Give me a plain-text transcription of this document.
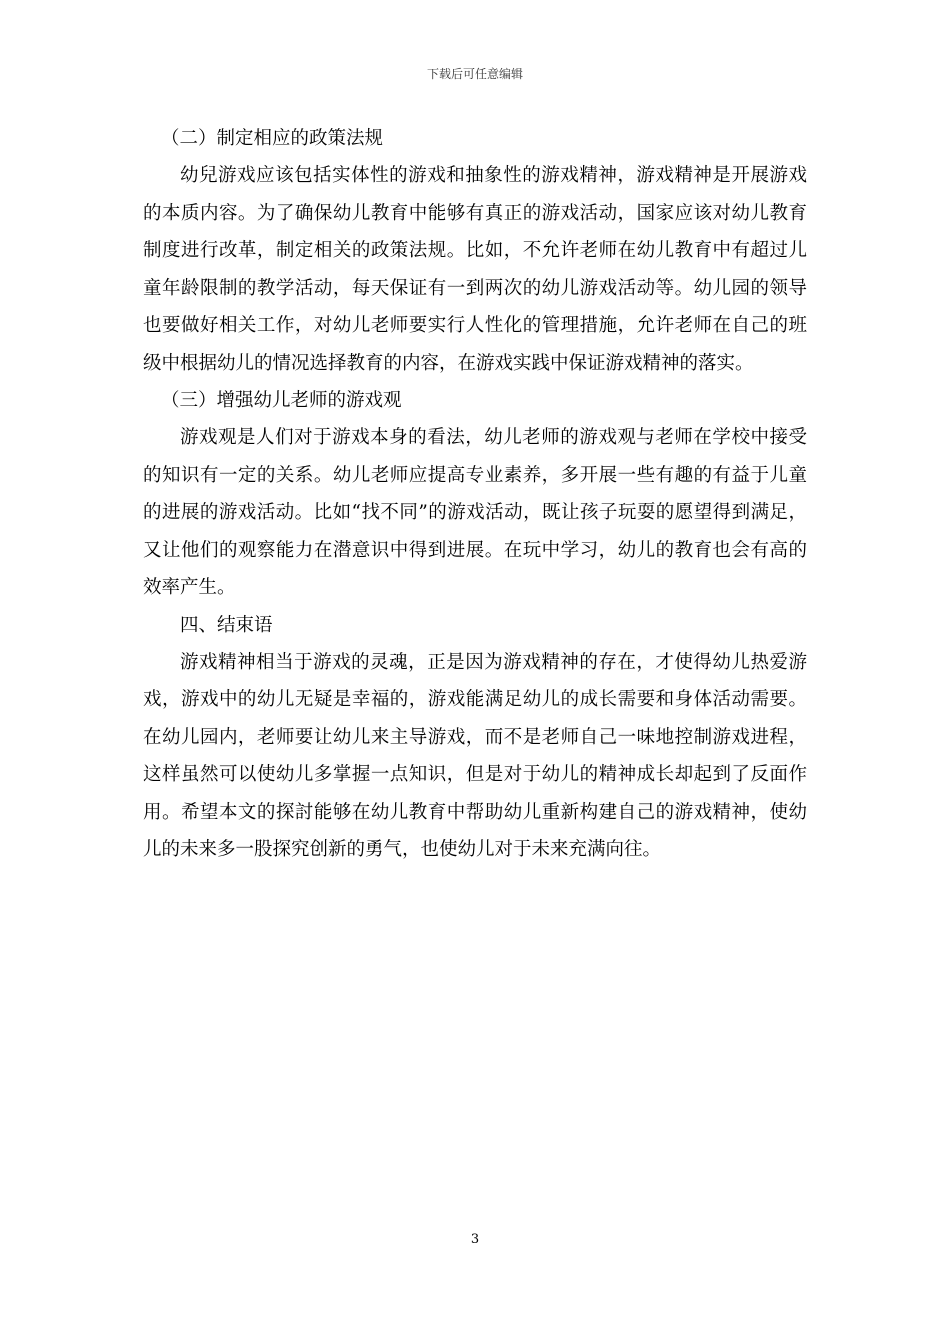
下载后可任意编辑

（二）制定相应的政策法规

幼兒游戏应该包括实体性的游戏和抽象性的游戏精神，游戏精神是开展游戏的本质内容。为了确保幼儿教育中能够有真正的游戏活动，国家应该对幼儿教育制度进行改革，制定相关的政策法规。比如，不允许老师在幼儿教育中有超过儿童年龄限制的教学活动，每天保证有一到两次的幼儿游戏活动等。幼儿园的领导也要做好相关工作，对幼儿老师要实行人性化的管理措施，允许老师在自己的班级中根据幼儿的情况选择教育的内容，在游戏实践中保证游戏精神的落实。

（三）增强幼儿老师的游戏观

游戏观是人们对于游戏本身的看法，幼儿老师的游戏观与老师在学校中接受的知识有一定的关系。幼儿老师应提高专业素养，多开展一些有趣的有益于儿童的进展的游戏活动。比如“找不同”的游戏活动，既让孩子玩耍的愿望得到满足，又让他们的观察能力在潜意识中得到进展。在玩中学习，幼儿的教育也会有高的效率产生。

四、结束语

游戏精神相当于游戏的灵魂，正是因为游戏精神的存在，才使得幼儿热爱游戏，游戏中的幼儿无疑是幸福的，游戏能满足幼儿的成长需要和身体活动需要。在幼儿园内，老师要让幼儿来主导游戏，而不是老师自己一味地控制游戏进程，这样虽然可以使幼儿多掌握一点知识，但是对于幼儿的精神成长却起到了反面作用。希望本文的探討能够在幼儿教育中帮助幼儿重新构建自己的游戏精神，使幼儿的未来多一股探究创新的勇气，也使幼儿对于未来充满向往。

3
